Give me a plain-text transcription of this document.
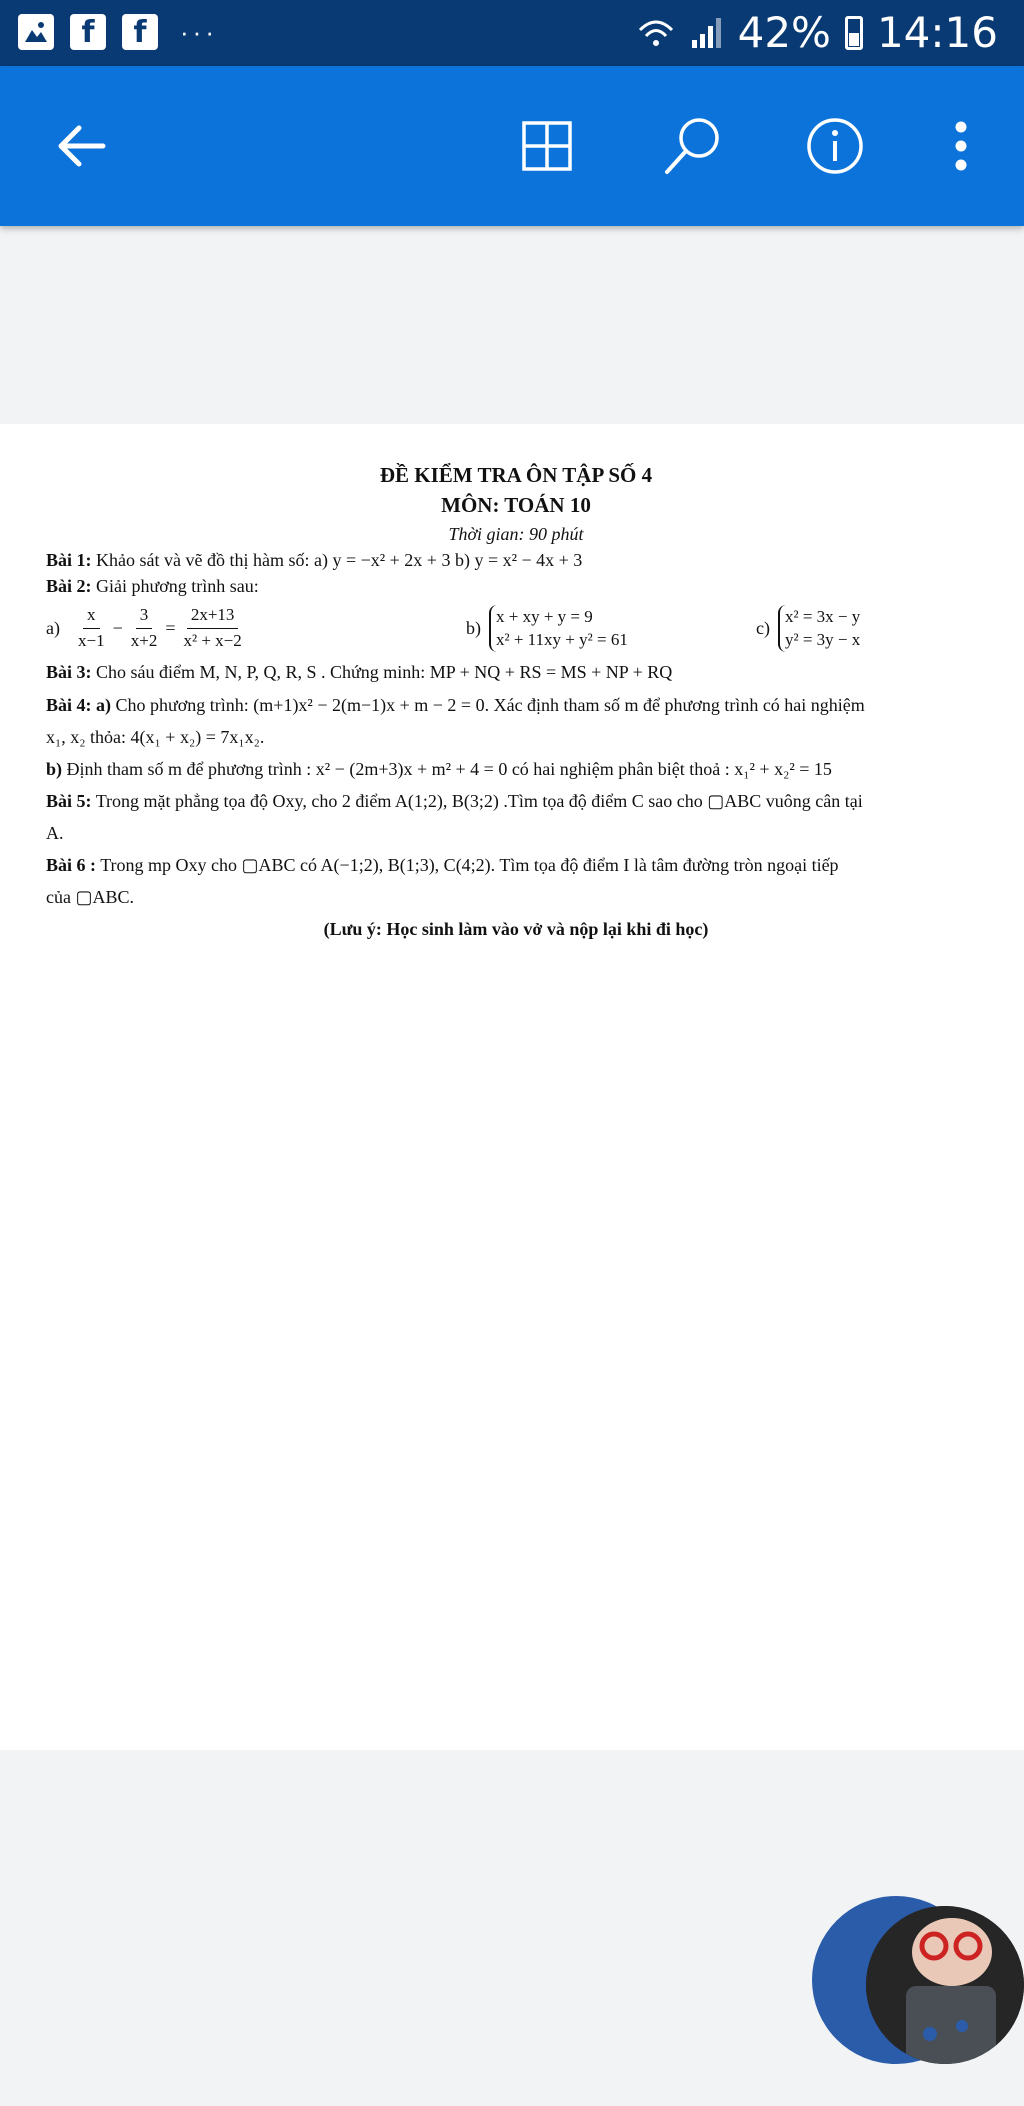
f	f	···	42% 14:16
ĐỀ KIỂM TRA ÔN TẬP SỐ 4
MÔN: TOÁN 10
Thời gian: 90 phút
Bài 1: Khảo sát và vẽ đồ thị hàm số: a) y = −x² + 2x + 3 b) y = x² − 4x + 3
Bài 2: Giải phương trình sau:
$a) \frac{x}{x-1} - \frac{3}{x+2} = \frac{2x+13}{\text{x² + x−2}}$	b)
x + xy + y = 9
x² + 11xy + y² = 61
c)
x² = 3x − y
y² = 3y − x
Bài 3: Cho sáu điểm M, N, P, Q, R, S . Chứng minh: MP + NQ + RS = MS + NP + RQ
Bài 4: a) Cho phương trình: (m+1)x² − 2(m−1)x + m − 2 = 0. Xác định tham số m để phương trình có hai nghiệm
x₁, x₂ thỏa: 4(x₁ + x₂) = 7x₁x₂.
b) Định tham số m để phương trình : x² − (2m+3)x + m² + 4 = 0 có hai nghiệm phân biệt thoả : x₁² + x₂² = 15
Bài 5: Trong mặt phẳng tọa độ Oxy, cho 2 điểm A(1;2), B(3;2) .Tìm tọa độ điểm C sao cho ▢ABC vuông cân tại
A.
Bài 6 : Trong mp Oxy cho ▢ABC có A(−1;2), B(1;3), C(4;2). Tìm tọa độ điểm I là tâm đường tròn ngoại tiếp
của ▢ABC.
(Lưu ý: Học sinh làm vào vở và nộp lại khi đi học)
